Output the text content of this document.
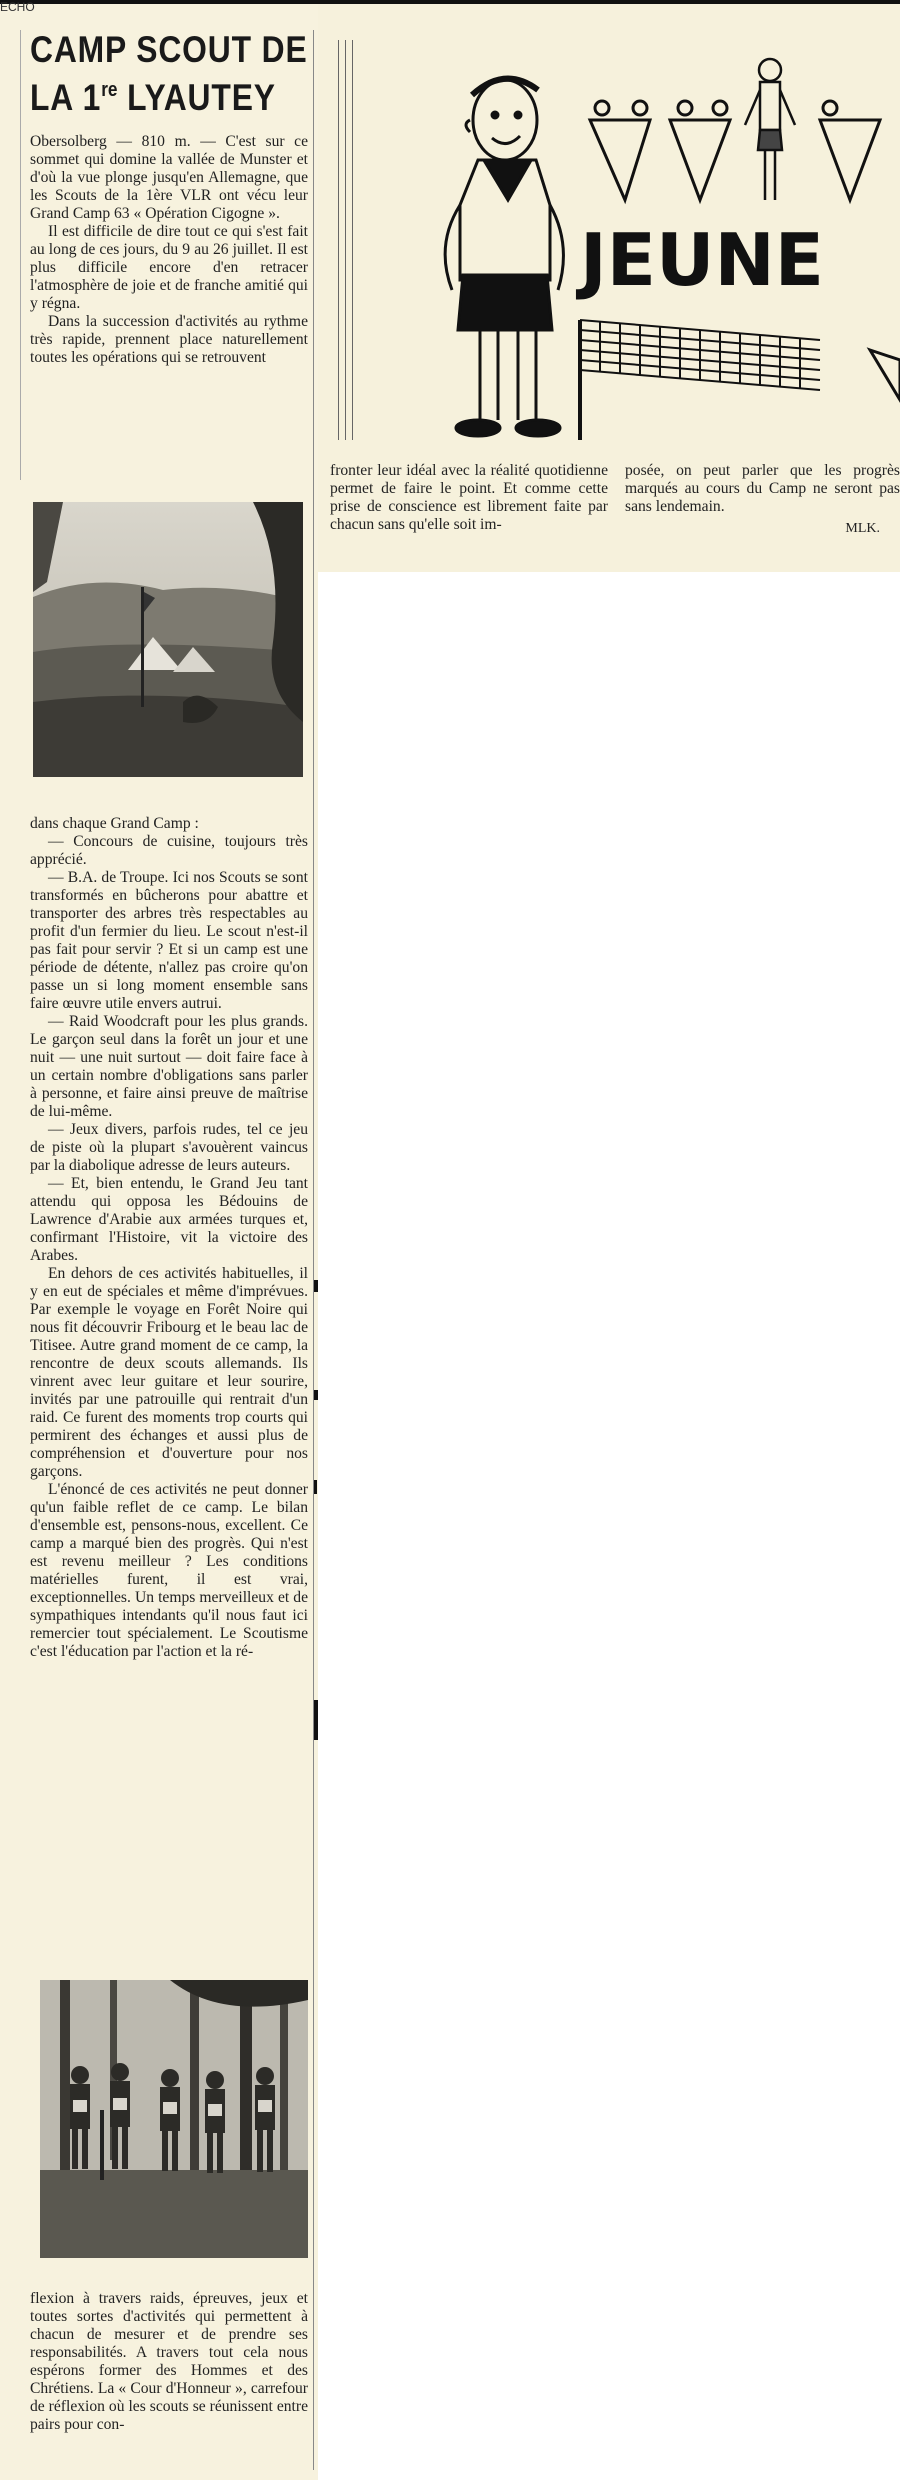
ECHO
CAMP SCOUT DE
LA 1re LYAUTEY

Obersolberg — 810 m. — C'est sur ce sommet qui domine la vallée de Munster et d'où la vue plonge jusqu'en Allemagne, que les Scouts de la 1ère VLR ont vécu leur Grand Camp 63 « Opération Cigogne ».

Il est difficile de dire tout ce qui s'est fait au long de ces jours, du 9 au 26 juillet. Il est plus difficile encore d'en retracer l'atmosphère de joie et de franche amitié qui y régna.

Dans la succession d'activités au rythme très rapide, prennent place naturellement toutes les opérations qui se retrouvent

dans chaque Grand Camp :

— Concours de cuisine, toujours très apprécié.

— B.A. de Troupe. Ici nos Scouts se sont transformés en bûcherons pour abattre et transporter des arbres très respectables au profit d'un fermier du lieu. Le scout n'est-il pas fait pour servir ? Et si un camp est une période de détente, n'allez pas croire qu'on passe un si long moment ensemble sans faire œuvre utile envers autrui.

— Raid Woodcraft pour les plus grands. Le garçon seul dans la forêt un jour et une nuit — une nuit surtout — doit faire face à un certain nombre d'obligations sans parler à personne, et faire ainsi preuve de maîtrise de lui-même.

— Jeux divers, parfois rudes, tel ce jeu de piste où la plupart s'avouèrent vaincus par la diabolique adresse de leurs auteurs.

— Et, bien entendu, le Grand Jeu tant attendu qui opposa les Bédouins de Lawrence d'Arabie aux armées turques et, confirmant l'Histoire, vit la victoire des Arabes.

En dehors de ces activités habituelles, il y en eut de spéciales et même d'imprévues. Par exemple le voyage en Forêt Noire qui nous fit découvrir Fribourg et le beau lac de Titisee. Autre grand moment de ce camp, la rencontre de deux scouts allemands. Ils vinrent avec leur guitare et leur sourire, invités par une patrouille qui rentrait d'un raid. Ce furent des moments trop courts qui permirent des échanges et aussi plus de compréhension et d'ouverture pour nos garçons.

L'énoncé de ces activités ne peut donner qu'un faible reflet de ce camp. Le bilan d'ensemble est, pensons-nous, excellent. Ce camp a marqué bien des progrès. Qui n'est est revenu meilleur ? Les conditions matérielles furent, il est vrai, exceptionnelles. Un temps merveilleux et de sympathiques intendants qu'il nous faut ici remercier tout spécialement. Le Scoutisme c'est l'éducation par l'action et la ré-

flexion à travers raids, épreuves, jeux et toutes sortes d'activités qui permettent à chacun de mesurer et de prendre ses responsabilités. A travers tout cela nous espérons former des Hommes et des Chrétiens. La « Cour d'Honneur », carrefour de réflexion où les scouts se réunissent entre pairs pour con-

JEUNE

fronter leur idéal avec la réalité quotidienne permet de faire le point. Et comme cette prise de conscience est librement faite par chacun sans qu'elle soit im-

posée, on peut parler que les progrès marqués au cours du Camp ne seront pas sans lendemain.

MLK.
